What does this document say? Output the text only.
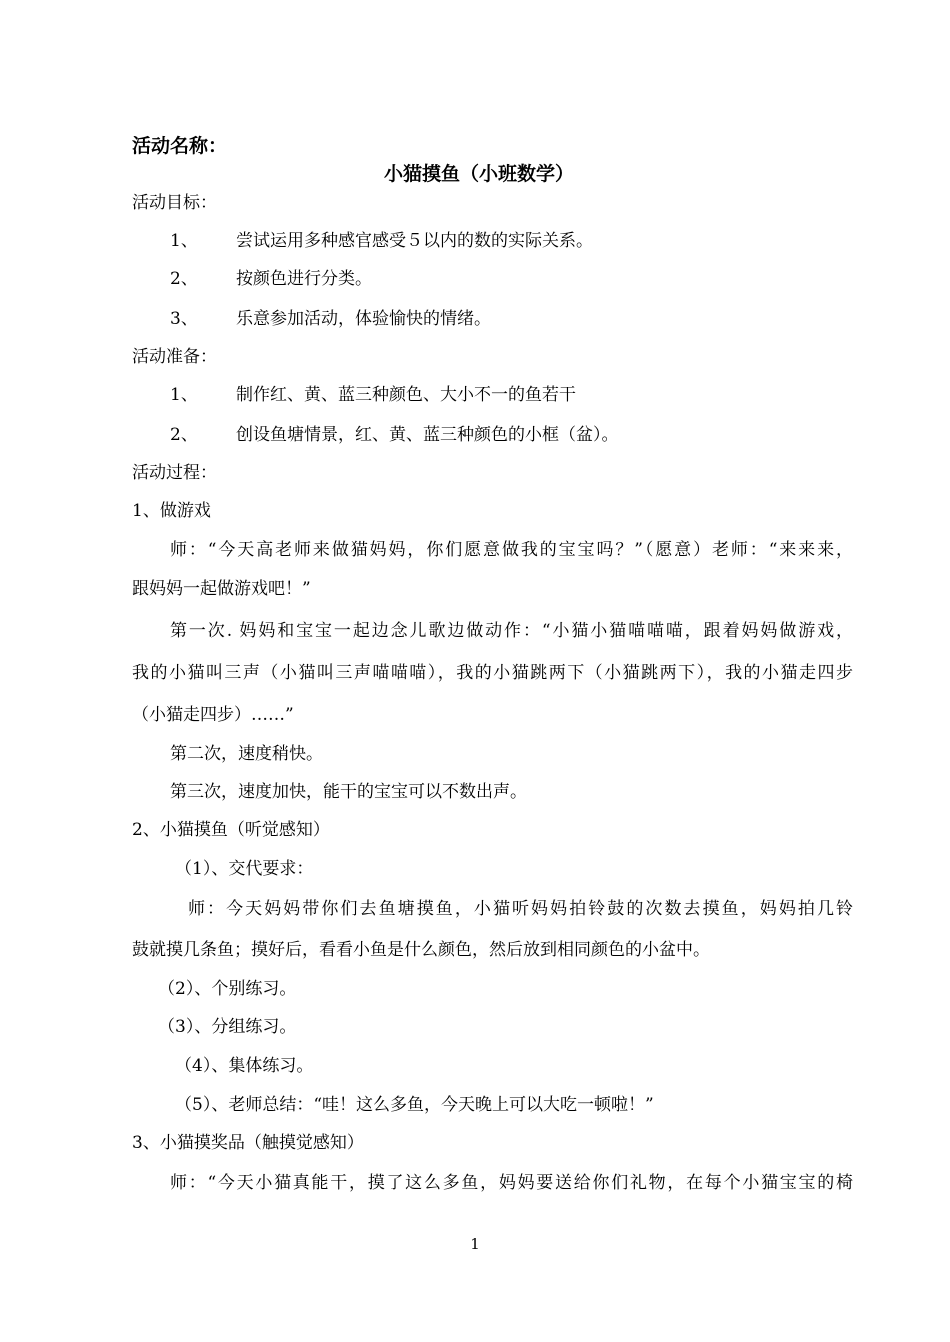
活动名称：
小猫摸鱼（小班数学）
活动目标：
1、 尝试运用多种感官感受５以内的数的实际关系。
2、 按颜色进行分类。
3、 乐意参加活动，体验愉快的情绪。
活动准备：
1、 制作红、黄、蓝三种颜色、大小不一的鱼若干
2、 创设鱼塘情景，红、黄、蓝三种颜色的小框（盆）。
活动过程：
1、做游戏
师：“今天高老师来做猫妈妈，你们愿意做我的宝宝吗？”（愿意）老师：“来来来，
跟妈妈一起做游戏吧！”
第一次. 妈妈和宝宝一起边念儿歌边做动作：“小猫小猫喵喵喵，跟着妈妈做游戏，
我的小猫叫三声（小猫叫三声喵喵喵），我的小猫跳两下（小猫跳两下），我的小猫走四步
（小猫走四步）……”
第二次，速度稍快。
第三次，速度加快，能干的宝宝可以不数出声。
2、小猫摸鱼（听觉感知）
（1）、交代要求：
师：今天妈妈带你们去鱼塘摸鱼，小猫听妈妈拍铃鼓的次数去摸鱼，妈妈拍几铃
鼓就摸几条鱼；摸好后，看看小鱼是什么颜色，然后放到相同颜色的小盆中。
（2）、个别练习。
（3）、分组练习。
（4）、集体练习。
（5）、老师总结：“哇！这么多鱼，今天晚上可以大吃一顿啦！”
3、小猫摸奖品（触摸觉感知）
师：“今天小猫真能干，摸了这么多鱼，妈妈要送给你们礼物，在每个小猫宝宝的椅
1
